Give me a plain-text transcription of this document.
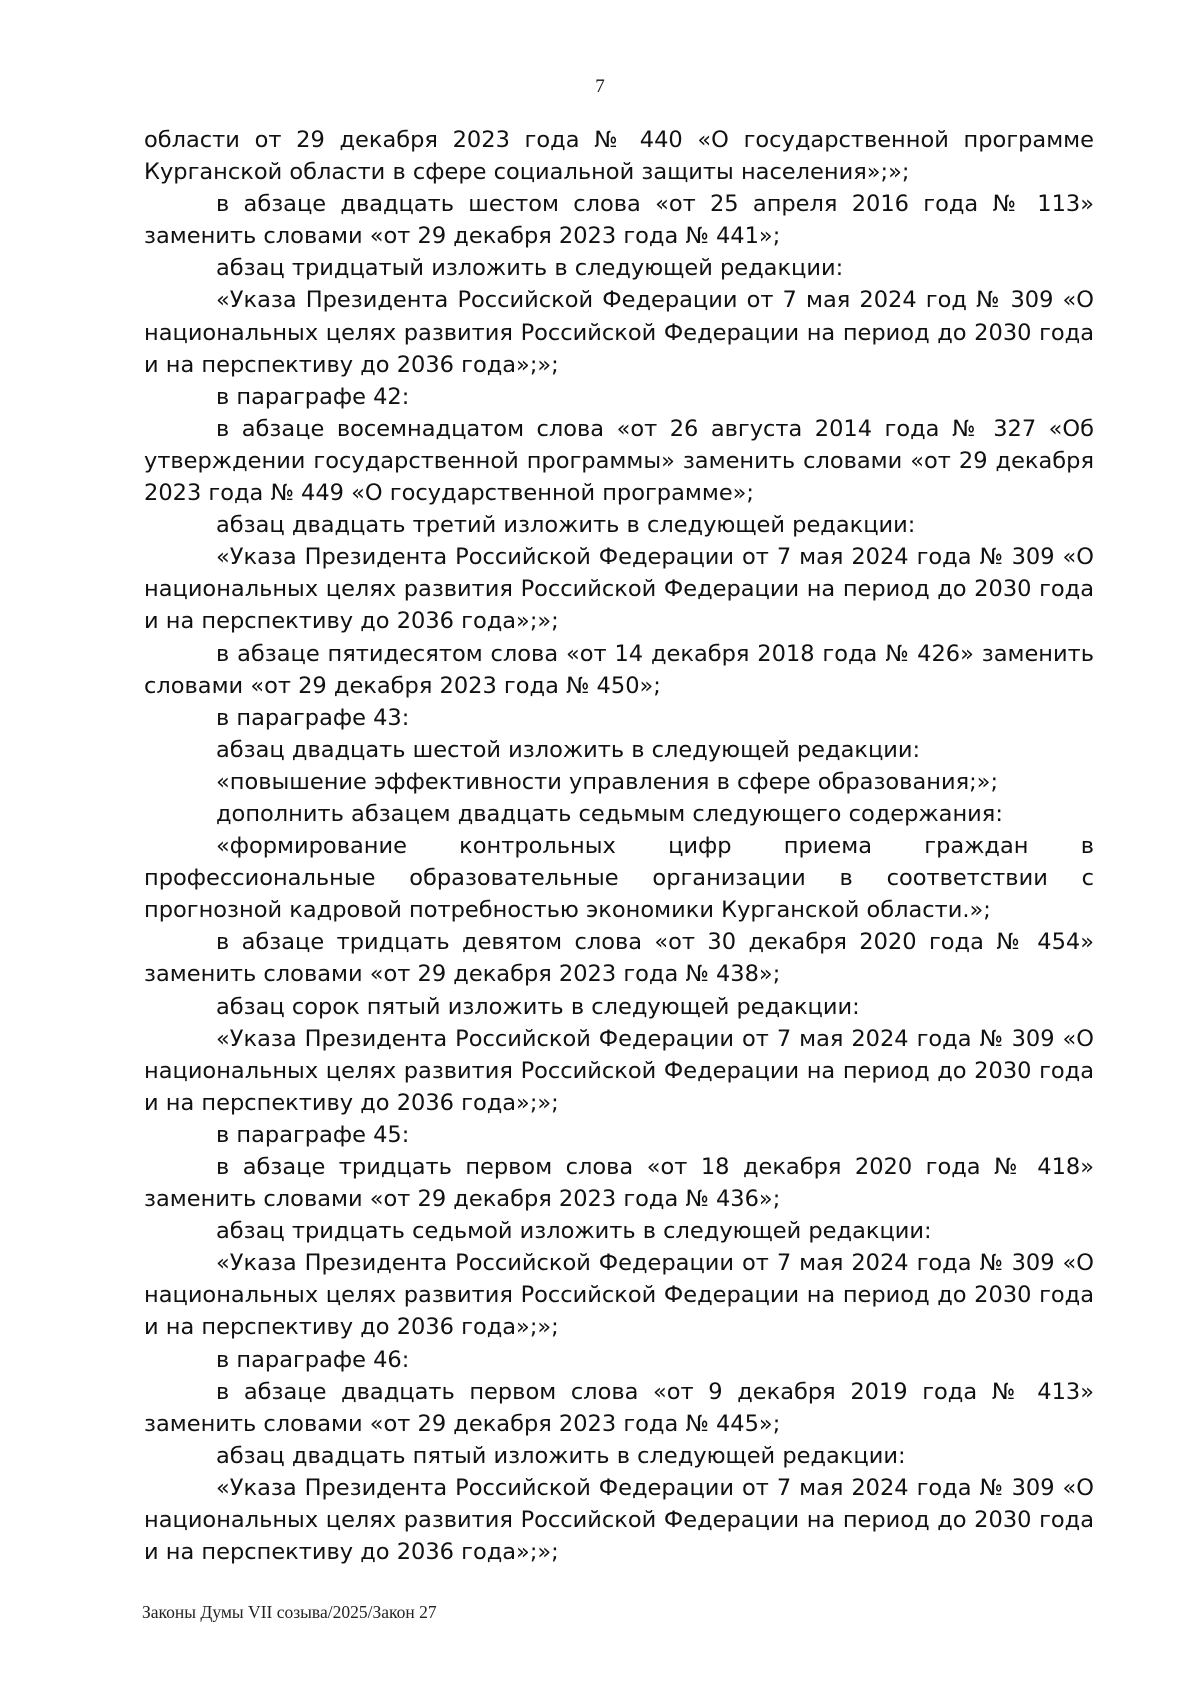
7

области от 29 декабря 2023 года № 440 «О государственной программе Курганской области в сфере социальной защиты населения»;»;

в абзаце двадцать шестом слова «от 25 апреля 2016 года № 113» заменить словами «от 29 декабря 2023 года № 441»;

абзац тридцатый изложить в следующей редакции:

«Указа Президента Российской Федерации от 7 мая 2024 год № 309 «О национальных целях развития Российской Федерации на период до 2030 года и на перспективу до 2036 года»;»;

в параграфе 42:

в абзаце восемнадцатом слова «от 26 августа 2014 года № 327 «Об утверждении государственной программы» заменить словами «от 29 декабря 2023 года № 449 «О государственной программе»;

абзац двадцать третий изложить в следующей редакции:

«Указа Президента Российской Федерации от 7 мая 2024 года № 309 «О национальных целях развития Российской Федерации на период до 2030 года и на перспективу до 2036 года»;»;

в абзаце пятидесятом слова «от 14 декабря 2018 года № 426» заменить словами «от 29 декабря 2023 года № 450»;

в параграфе 43:

абзац двадцать шестой изложить в следующей редакции:

«повышение эффективности управления в сфере образования;»;

дополнить абзацем двадцать седьмым следующего содержания:

«формирование контрольных цифр приема граждан в профессиональные образовательные организации в соответствии с прогнозной кадровой потребностью экономики Курганской области.»;

в абзаце тридцать девятом слова «от 30 декабря 2020 года № 454» заменить словами «от 29 декабря 2023 года № 438»;

абзац сорок пятый изложить в следующей редакции:

«Указа Президента Российской Федерации от 7 мая 2024 года № 309 «О национальных целях развития Российской Федерации на период до 2030 года и на перспективу до 2036 года»;»;

в параграфе 45:

в абзаце тридцать первом слова «от 18 декабря 2020 года № 418» заменить словами «от 29 декабря 2023 года № 436»;

абзац тридцать седьмой изложить в следующей редакции:

«Указа Президента Российской Федерации от 7 мая 2024 года № 309 «О национальных целях развития Российской Федерации на период до 2030 года и на перспективу до 2036 года»;»;

в параграфе 46:

в абзаце двадцать первом слова «от 9 декабря 2019 года № 413» заменить словами «от 29 декабря 2023 года № 445»;

абзац двадцать пятый изложить в следующей редакции:

«Указа Президента Российской Федерации от 7 мая 2024 года № 309 «О национальных целях развития Российской Федерации на период до 2030 года и на перспективу до 2036 года»;»;

Законы Думы VII созыва/2025/Закон 27
